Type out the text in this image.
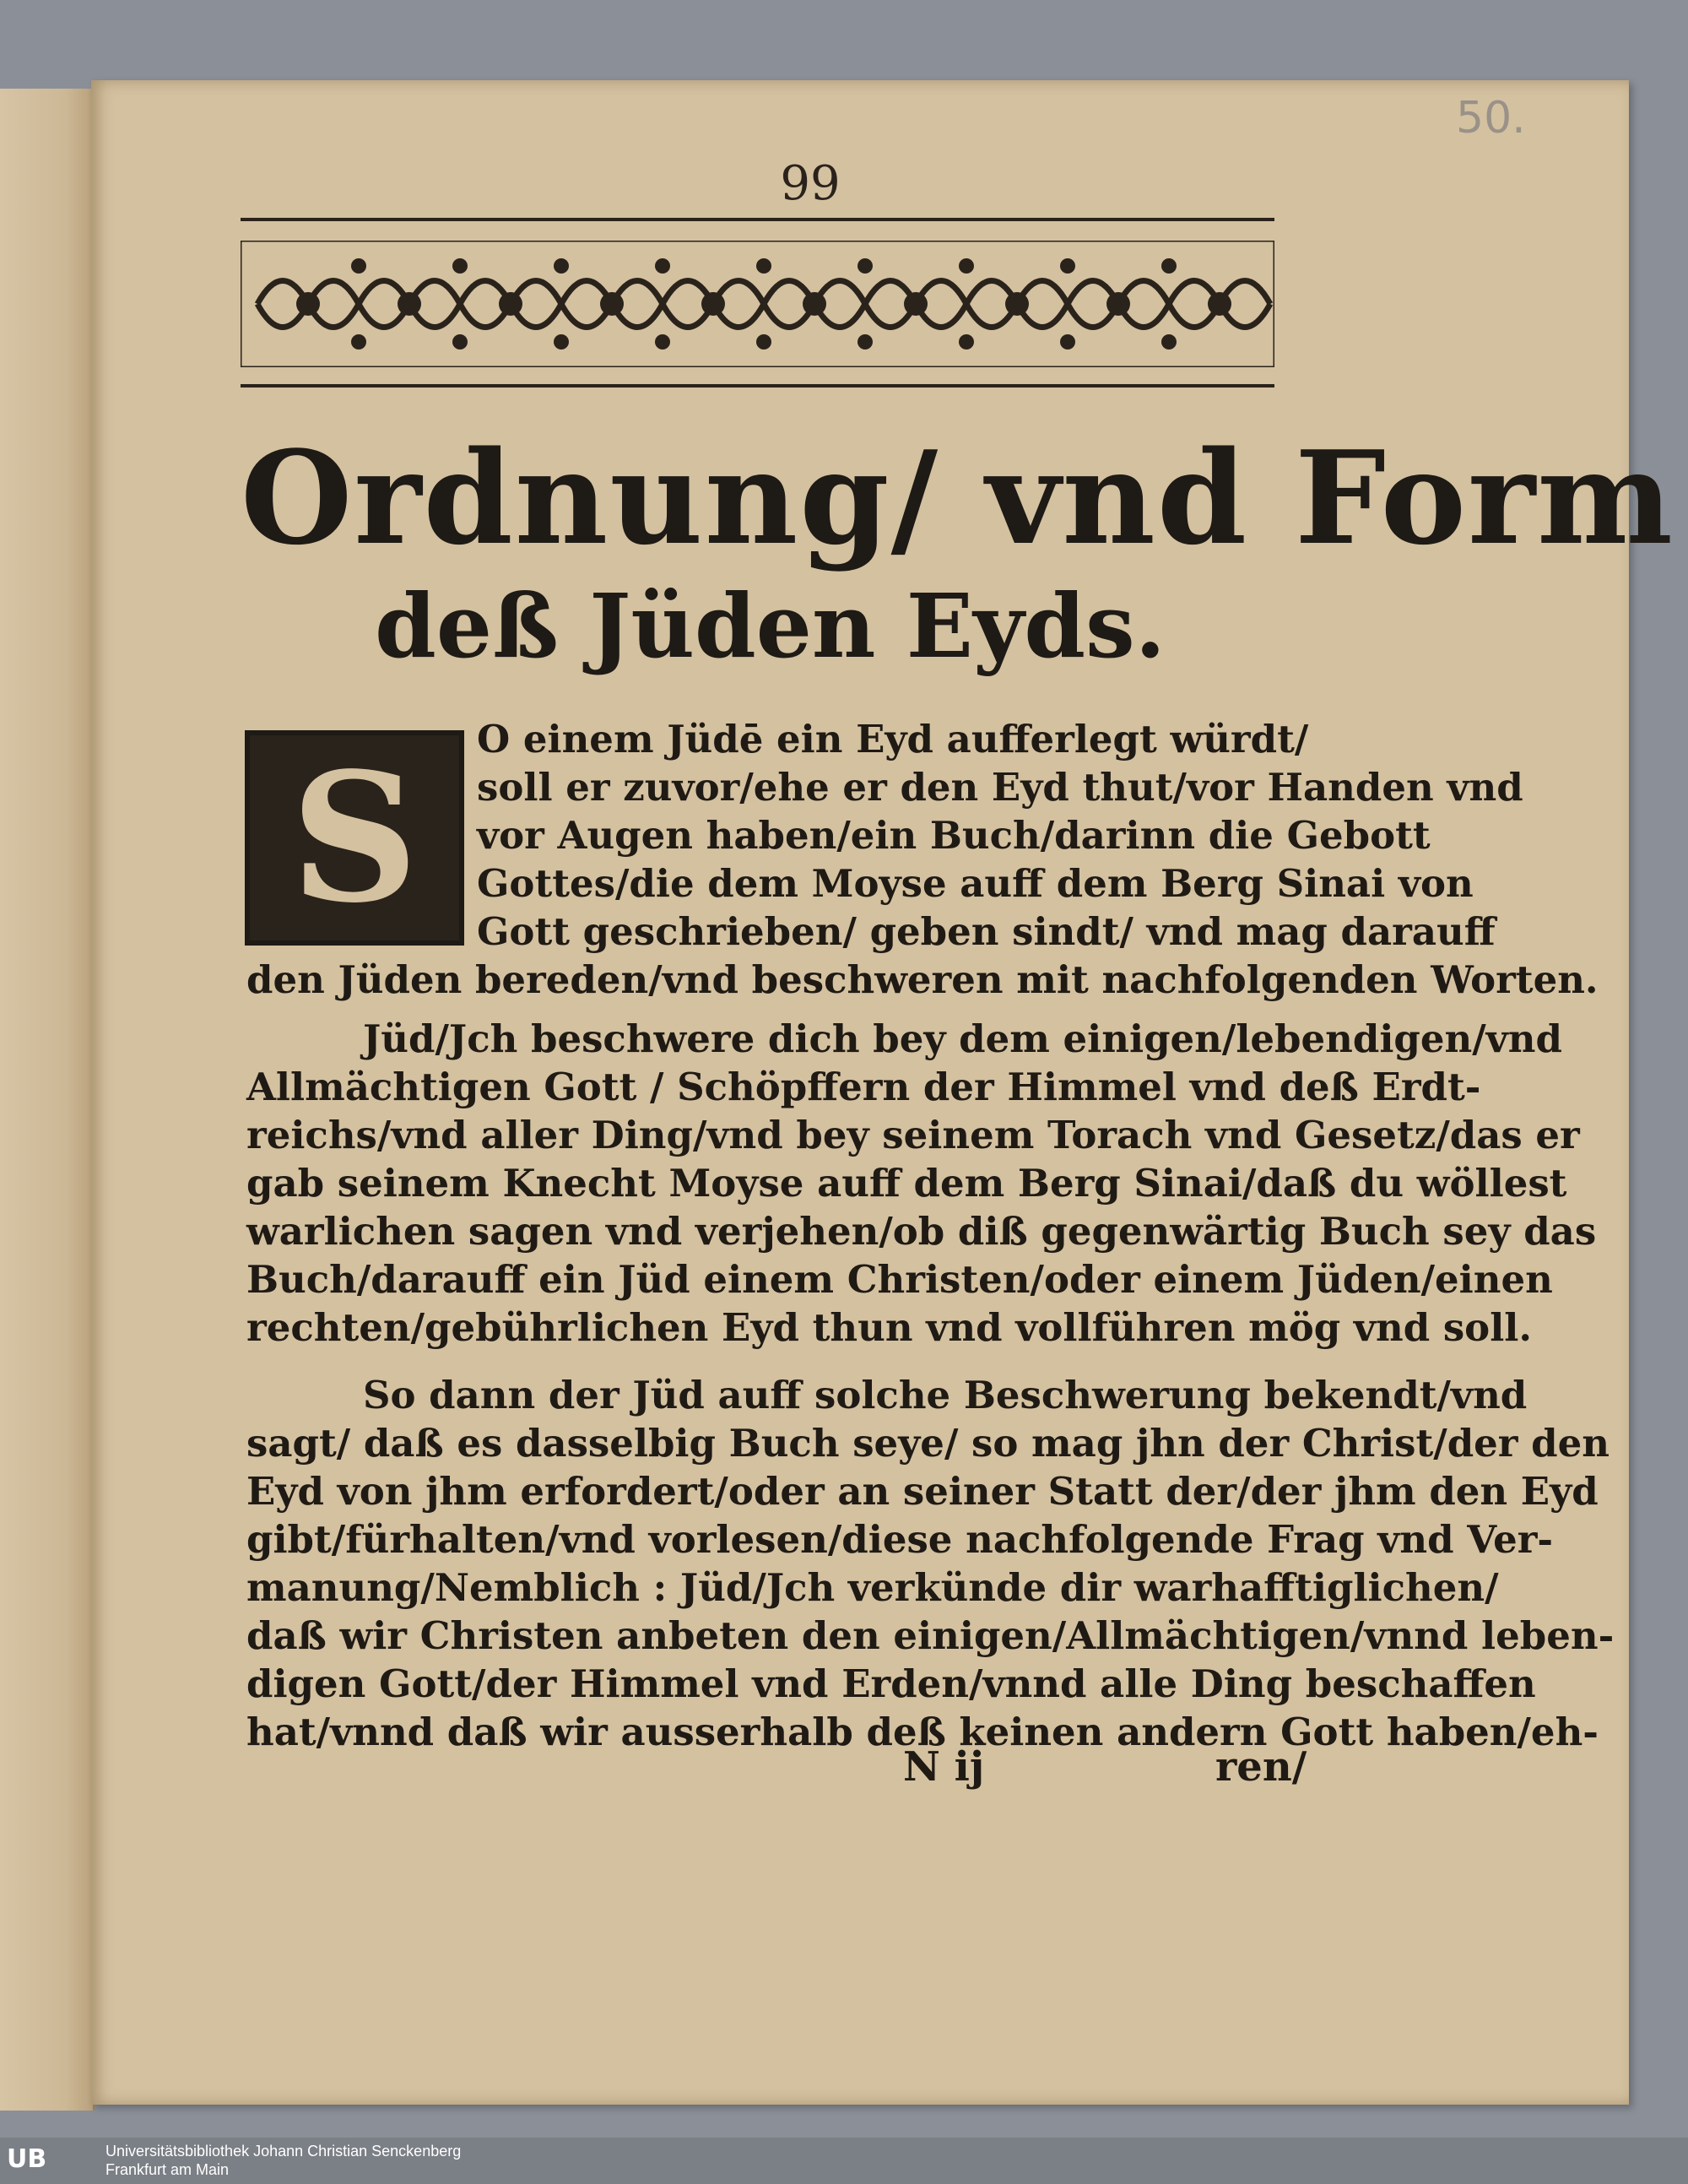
50.
99
Ordnung/ vnd Form
deß Jüden Eyds.
S	O einem Jüdē ein Eyd aufferlegt würdt/
soll er zuvor/ehe er den Eyd thut/vor Handen vnd
vor Augen haben/ein Buch/darinn die Gebott
Gottes/die dem Moyse auff dem Berg Sinai von
Gott geschrieben/ geben sindt/ vnd mag darauff
den Jüden bereden/vnd beschweren mit nachfolgenden Worten.
Jüd/Jch beschwere dich bey dem einigen/lebendigen/vnd
Allmächtigen Gott / Schöpffern der Himmel vnd deß Erdt-
reichs/vnd aller Ding/vnd bey seinem Torach vnd Gesetz/das er
gab seinem Knecht Moyse auff dem Berg Sinai/daß du wöllest
warlichen sagen vnd verjehen/ob diß gegenwärtig Buch sey das
Buch/darauff ein Jüd einem Christen/oder einem Jüden/einen
rechten/gebührlichen Eyd thun vnd vollführen mög vnd soll.
So dann der Jüd auff solche Beschwerung bekendt/vnd
sagt/ daß es dasselbig Buch seye/ so mag jhn der Christ/der den
Eyd von jhm erfordert/oder an seiner Statt der/der jhm den Eyd
gibt/fürhalten/vnd vorlesen/diese nachfolgende Frag vnd Ver-
manung/Nemblich : Jüd/Jch verkünde dir warhafftiglichen/
daß wir Christen anbeten den einigen/Allmächtigen/vnnd leben-
digen Gott/der Himmel vnd Erden/vnnd alle Ding beschaffen
hat/vnnd daß wir ausserhalb deß keinen andern Gott haben/eh-
N ij	ren/
UB	Universitätsbibliothek Johann Christian Senckenberg
Frankfurt am Main
